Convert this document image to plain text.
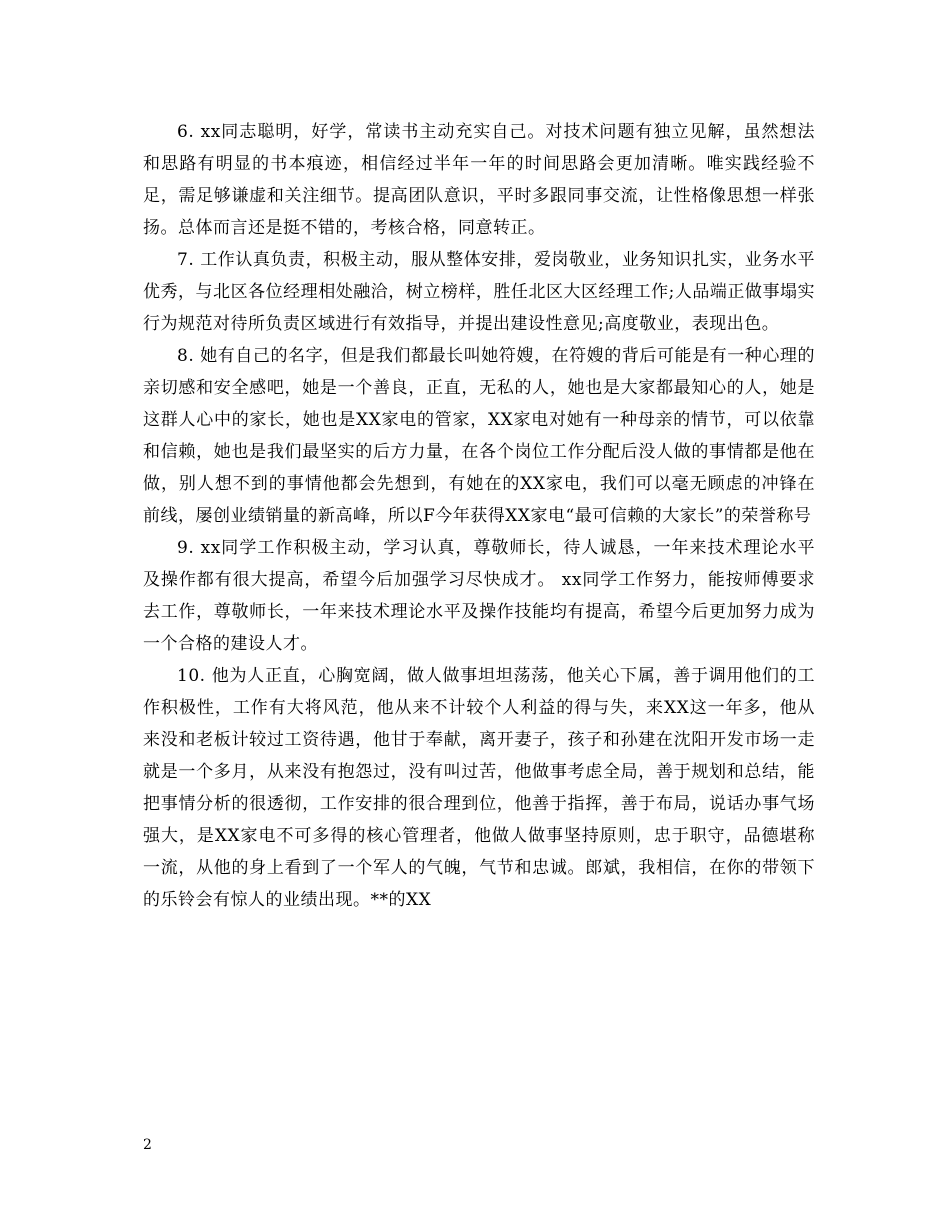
6. xx同志聪明，好学，常读书主动充实自己。对技术问题有独立见解，虽然想法和思路有明显的书本痕迹，相信经过半年一年的时间思路会更加清晰。唯实践经验不足，需足够谦虚和关注细节。提高团队意识，平时多跟同事交流，让性格像思想一样张扬。总体而言还是挺不错的，考核合格，同意转正。

7. 工作认真负责，积极主动，服从整体安排，爱岗敬业，业务知识扎实，业务水平优秀，与北区各位经理相处融洽，树立榜样，胜任北区大区经理工作;人品端正做事塌实行为规范对待所负责区域进行有效指导，并提出建设性意见;高度敬业，表现出色。

8. 她有自己的名字，但是我们都最长叫她符嫂，在符嫂的背后可能是有一种心理的亲切感和安全感吧，她是一个善良，正直，无私的人，她也是大家都最知心的人，她是这群人心中的家长，她也是XX家电的管家，XX家电对她有一种母亲的情节，可以依靠和信赖，她也是我们最坚实的后方力量，在各个岗位工作分配后没人做的事情都是他在做，别人想不到的事情他都会先想到，有她在的XX家电，我们可以毫无顾虑的冲锋在前线，屡创业绩销量的新高峰，所以F今年获得XX家电“最可信赖的大家长”的荣誉称号

9. xx同学工作积极主动，学习认真，尊敬师长，待人诚恳，一年来技术理论水平及操作都有很大提高，希望今后加强学习尽快成才。 xx同学工作努力，能按师傅要求去工作，尊敬师长，一年来技术理论水平及操作技能均有提高，希望今后更加努力成为一个合格的建设人才。

10. 他为人正直，心胸宽阔，做人做事坦坦荡荡，他关心下属，善于调用他们的工作积极性，工作有大将风范，他从来不计较个人利益的得与失，来XX这一年多，他从来没和老板计较过工资待遇，他甘于奉献，离开妻子，孩子和孙建在沈阳开发市场一走就是一个多月，从来没有抱怨过，没有叫过苦，他做事考虑全局，善于规划和总结，能把事情分析的很透彻，工作安排的很合理到位，他善于指挥，善于布局，说话办事气场强大，是XX家电不可多得的核心管理者，他做人做事坚持原则，忠于职守，品德堪称一流，从他的身上看到了一个军人的气魄，气节和忠诚。郎斌，我相信，在你的带领下的乐铃会有惊人的业绩出现。**的XX

2
